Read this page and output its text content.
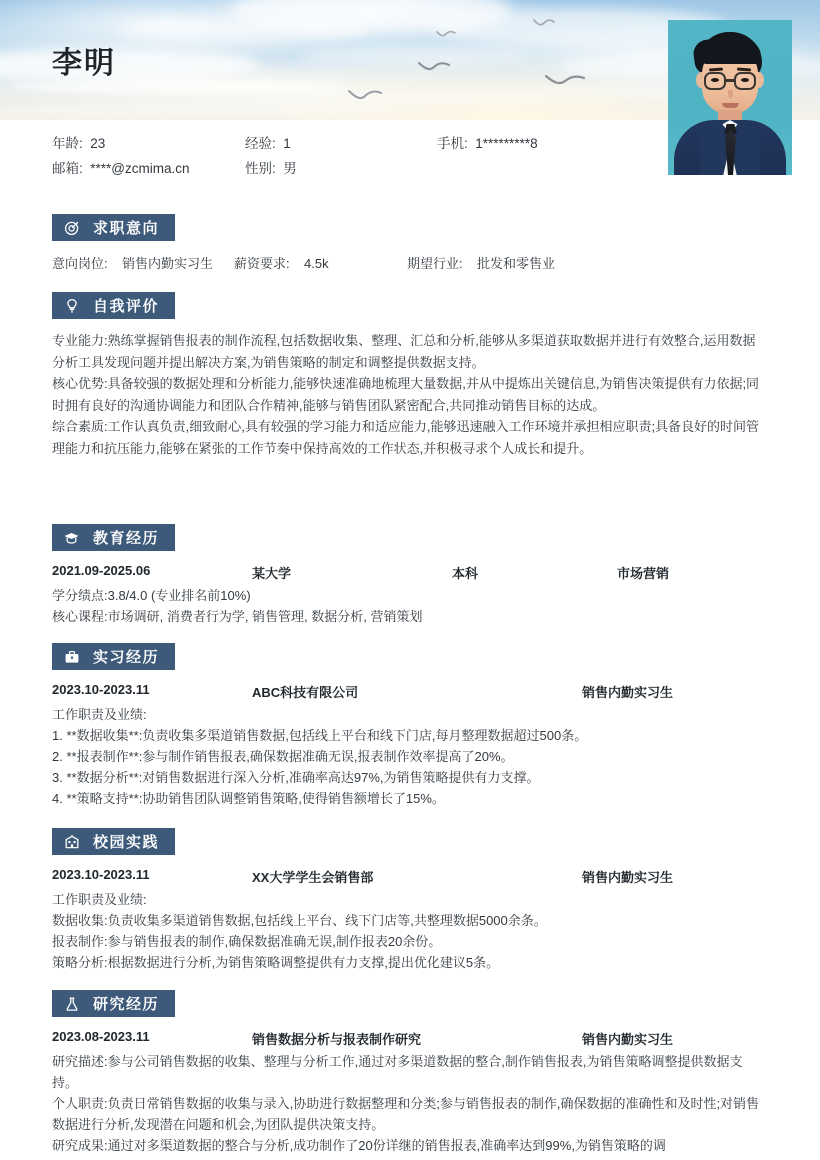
李明
年龄: 23	经验: 1	手机: 1*********8
邮箱: ****@zcmima.cn	性别: 男
求职意向
意向岗位: 销售内勤实习生 薪资要求: 4.5k	期望行业: 批发和零售业
自我评价

专业能力:熟练掌握销售报表的制作流程,包括数据收集、整理、汇总和分析,能够从多渠道获取数据并进行有效整合,运用数据分析工具发现问题并提出解决方案,为销售策略的制定和调整提供数据支持。

核心优势:具备较强的数据处理和分析能力,能够快速准确地梳理大量数据,并从中提炼出关键信息,为销售决策提供有力依据;同时拥有良好的沟通协调能力和团队合作精神,能够与销售团队紧密配合,共同推动销售目标的达成。

综合素质:工作认真负责,细致耐心,具有较强的学习能力和适应能力,能够迅速融入工作环境并承担相应职责;具备良好的时间管理能力和抗压能力,能够在紧张的工作节奏中保持高效的工作状态,并积极寻求个人成长和提升。

教育经历
2021.09-2025.06	某大学	本科	市场营销

学分绩点:3.8/4.0 (专业排名前10%)

核心课程:市场调研, 消费者行为学, 销售管理, 数据分析, 营销策划

实习经历
2023.10-2023.11	ABC科技有限公司	销售内勤实习生

工作职责及业绩:

1. **数据收集**:负责收集多渠道销售数据,包括线上平台和线下门店,每月整理数据超过500条。

2. **报表制作**:参与制作销售报表,确保数据准确无误,报表制作效率提高了20%。

3. **数据分析**:对销售数据进行深入分析,准确率高达97%,为销售策略提供有力支撑。

4. **策略支持**:协助销售团队调整销售策略,使得销售额增长了15%。

校园实践
2023.10-2023.11	XX大学学生会销售部	销售内勤实习生

工作职责及业绩:

数据收集:负责收集多渠道销售数据,包括线上平台、线下门店等,共整理数据5000余条。

报表制作:参与销售报表的制作,确保数据准确无误,制作报表20余份。

策略分析:根据数据进行分析,为销售策略调整提供有力支撑,提出优化建议5条。

研究经历
2023.08-2023.11	销售数据分析与报表制作研究	销售内勤实习生

研究描述:参与公司销售数据的收集、整理与分析工作,通过对多渠道数据的整合,制作销售报表,为销售策略调整提供数据支持。

个人职责:负责日常销售数据的收集与录入,协助进行数据整理和分类;参与销售报表的制作,确保数据的准确性和及时性;对销售数据进行分析,发现潜在问题和机会,为团队提供决策支持。

研究成果:通过对多渠道数据的整合与分析,成功制作了20份详继的销售报表,准确率达到99%,为销售策略的调
